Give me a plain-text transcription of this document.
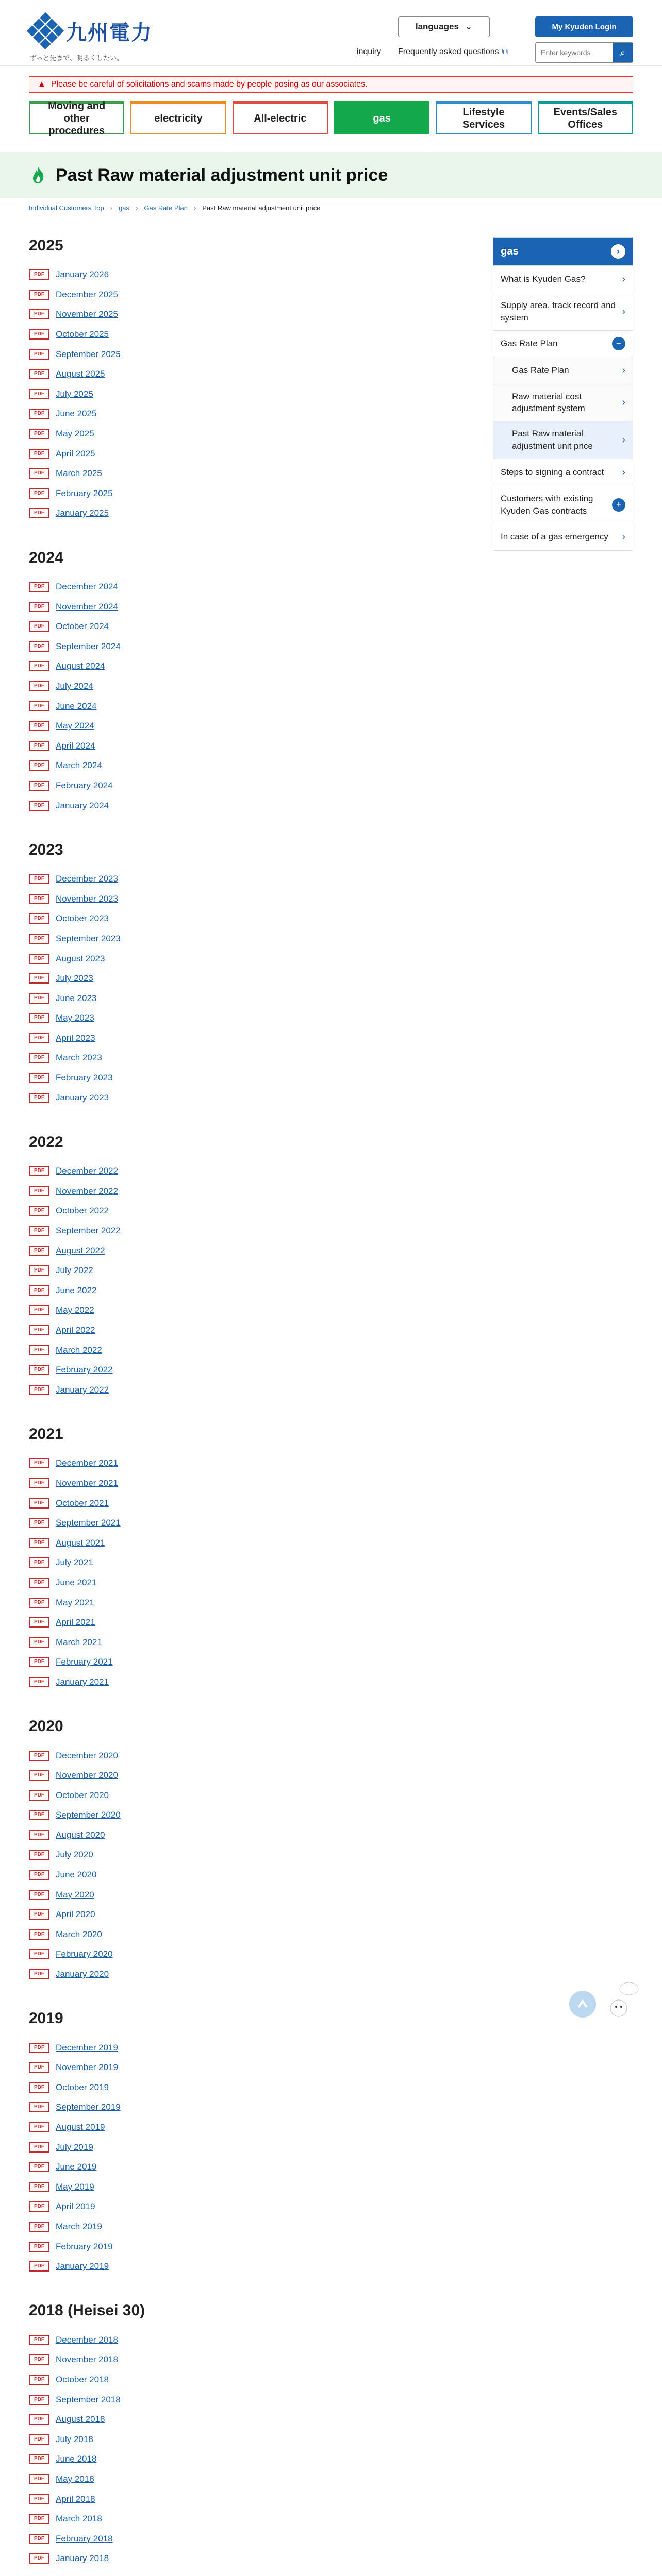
九州電力
ずっと先まで、明るくしたい。
languages ⌄	My Kyuden Login
inquiry Frequently asked questions ⧉
Enter keywords	⌕
▲ Please be careful of solicitations and scams made by people posing as our associates.
Moving and other procedures
electricity	All-electric	gas
Lifestyle Services
Events/Sales Offices
Past Raw material adjustment unit price
Individual Customers Top › gas › Gas Rate Plan › Past Raw material adjustment unit price
2025
PDF	January 2026
PDF	December 2025
PDF	November 2025
PDF	October 2025
PDF	September 2025
PDF	August 2025
PDF	July 2025
PDF	June 2025
PDF	May 2025
PDF	April 2025
PDF	March 2025
PDF	February 2025
PDF	January 2025
2024
PDF	December 2024
PDF	November 2024
PDF	October 2024
PDF	September 2024
PDF	August 2024
PDF	July 2024
PDF	June 2024
PDF	May 2024
PDF	April 2024
PDF	March 2024
PDF	February 2024
PDF	January 2024
2023
PDF	December 2023
PDF	November 2023
PDF	October 2023
PDF	September 2023
PDF	August 2023
PDF	July 2023
PDF	June 2023
PDF	May 2023
PDF	April 2023
PDF	March 2023
PDF	February 2023
PDF	January 2023
2022
PDF	December 2022
PDF	November 2022
PDF	October 2022
PDF	September 2022
PDF	August 2022
PDF	July 2022
PDF	June 2022
PDF	May 2022
PDF	April 2022
PDF	March 2022
PDF	February 2022
PDF	January 2022
2021
PDF	December 2021
PDF	November 2021
PDF	October 2021
PDF	September 2021
PDF	August 2021
PDF	July 2021
PDF	June 2021
PDF	May 2021
PDF	April 2021
PDF	March 2021
PDF	February 2021
PDF	January 2021
2020
PDF	December 2020
PDF	November 2020
PDF	October 2020
PDF	September 2020
PDF	August 2020
PDF	July 2020
PDF	June 2020
PDF	May 2020
PDF	April 2020
PDF	March 2020
PDF	February 2020
PDF	January 2020
2019
PDF	December 2019
PDF	November 2019
PDF	October 2019
PDF	September 2019
PDF	August 2019
PDF	July 2019
PDF	June 2019
PDF	May 2019
PDF	April 2019
PDF	March 2019
PDF	February 2019
PDF	January 2019
2018 (Heisei 30)
PDF	December 2018
PDF	November 2018
PDF	October 2018
PDF	September 2018
PDF	August 2018
PDF	July 2018
PDF	June 2018
PDF	May 2018
PDF	April 2018
PDF	March 2018
PDF	February 2018
PDF	January 2018
gas	›
What is Kyuden Gas?	›
Supply area, track record and system
›
Gas Rate Plan	−
Gas Rate Plan	›
Raw material cost adjustment system
›
Past Raw material adjustment unit price
›
Steps to signing a contract ›
Customers with existing Kyuden Gas contracts
+
In case of a gas emergency ›
